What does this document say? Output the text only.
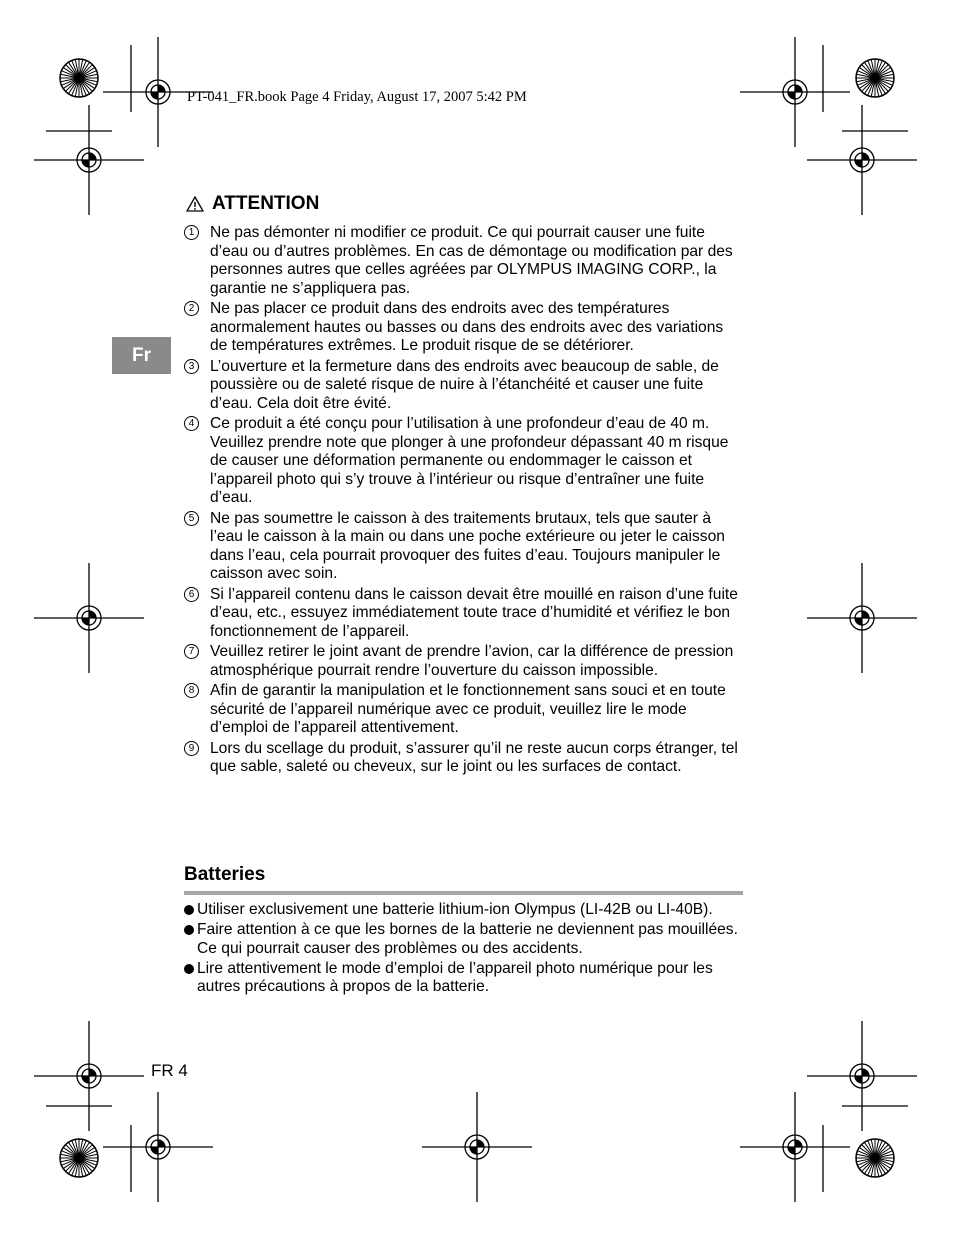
PT-041_FR.book Page 4 Friday, August 17, 2007 5:42 PM
Fr
ATTENTION
1	Ne pas démonter ni modifier ce produit. Ce qui pourrait causer une fuite d’eau ou d’autres problèmes. En cas de démontage ou modification par des personnes autres que celles agréées par OLYMPUS IMAGING CORP., la garantie ne s’appliquera pas.
2	Ne pas placer ce produit dans des endroits avec des températures anormalement hautes ou basses ou dans des endroits avec des variations de températures extrêmes. Le produit risque de se détériorer.
3	L’ouverture et la fermeture dans des endroits avec beaucoup de sable, de poussière ou de saleté risque de nuire à l’étanchéité et causer une fuite d’eau. Cela doit être évité.
4	Ce produit a été conçu pour l’utilisation à une profondeur d’eau de 40 m. Veuillez prendre note que plonger à une profondeur dépassant 40 m risque de causer une déformation permanente ou endommager le caisson et l’appareil photo qui s’y trouve à l’intérieur ou risque d’entraîner une fuite d’eau.
5	Ne pas soumettre le caisson à des traitements brutaux, tels que sauter à l’eau le caisson à la main ou dans une poche extérieure ou jeter le caisson dans l’eau, cela pourrait provoquer des fuites d’eau. Toujours manipuler le caisson avec soin.
6	Si l’appareil contenu dans le caisson devait être mouillé en raison d’une fuite d’eau, etc., essuyez immédiatement toute trace d’humidité et vérifiez le bon fonctionnement de l’appareil.
7	Veuillez retirer le joint avant de prendre l’avion, car la différence de pression atmosphérique pourrait rendre l’ouverture du caisson impossible.
8	Afin de garantir la manipulation et le fonctionnement sans souci et en toute sécurité de l’appareil numérique avec ce produit, veuillez lire le mode d’emploi de l’appareil attentivement.
9	Lors du scellage du produit, s’assurer qu’il ne reste aucun corps étranger, tel que sable, saleté ou cheveux, sur le joint ou les surfaces de contact.
Batteries
Utiliser exclusivement une batterie lithium-ion Olympus (LI-42B ou LI-40B).
Faire attention à ce que les bornes de la batterie ne deviennent pas mouillées. Ce qui pourrait causer des problèmes ou des accidents.
Lire attentivement le mode d’emploi de l’appareil photo numérique pour les autres précautions à propos de la batterie.
FR 4
